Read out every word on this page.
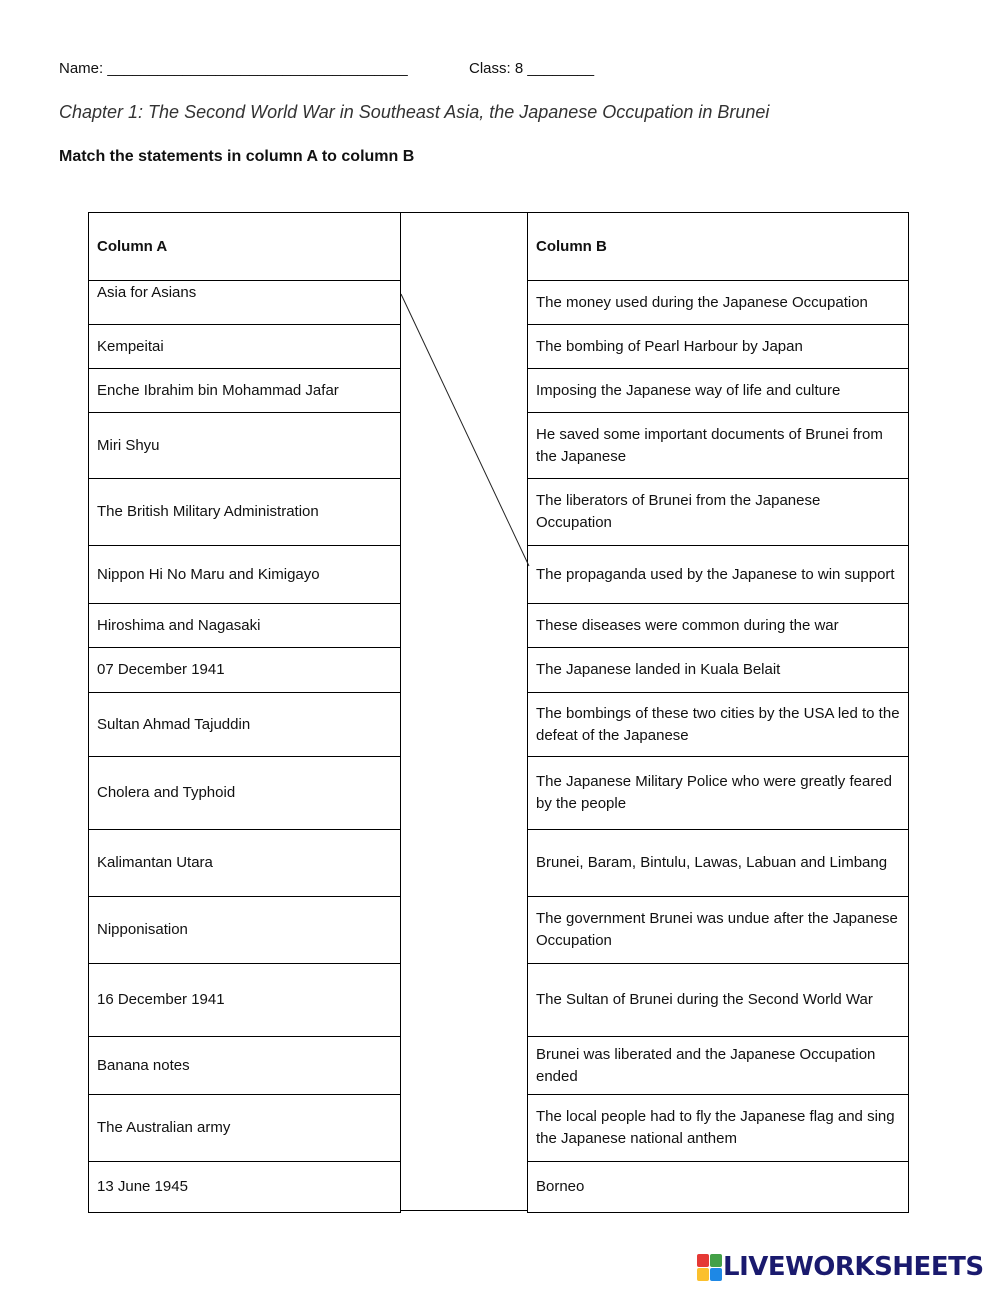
Name: ____________________________________	Class: 8 ________
Chapter 1: The Second World War in Southeast Asia, the Japanese Occupation in Brunei
Match the statements in column A to column B
Column A
Asia for Asians
Kempeitai
Enche Ibrahim bin Mohammad Jafar
Miri Shyu
The British Military Administration
Nippon Hi No Maru and Kimigayo
Hiroshima and Nagasaki
07 December 1941
Sultan Ahmad Tajuddin
Cholera and Typhoid
Kalimantan Utara
Nipponisation
16 December 1941
Banana notes
The Australian army
13 June 1945
Column B
The money used during the Japanese Occupation
The bombing of Pearl Harbour by Japan
Imposing the Japanese way of life and culture
He saved some important documents of Brunei from the Japanese
The liberators of Brunei from the Japanese Occupation
The propaganda used by the Japanese to win support
These diseases were common during the war
The Japanese landed in Kuala Belait
The bombings of these two cities by the USA led to the defeat of the Japanese
The Japanese Military Police who were greatly feared by the people
Brunei, Baram, Bintulu, Lawas, Labuan and Limbang
The government Brunei was undue after the Japanese Occupation
The Sultan of Brunei during the Second World War
Brunei was liberated and the Japanese Occupation ended
The local people had to fly the Japanese flag and sing the Japanese national anthem
Borneo
LIVEWORKSHEETS
